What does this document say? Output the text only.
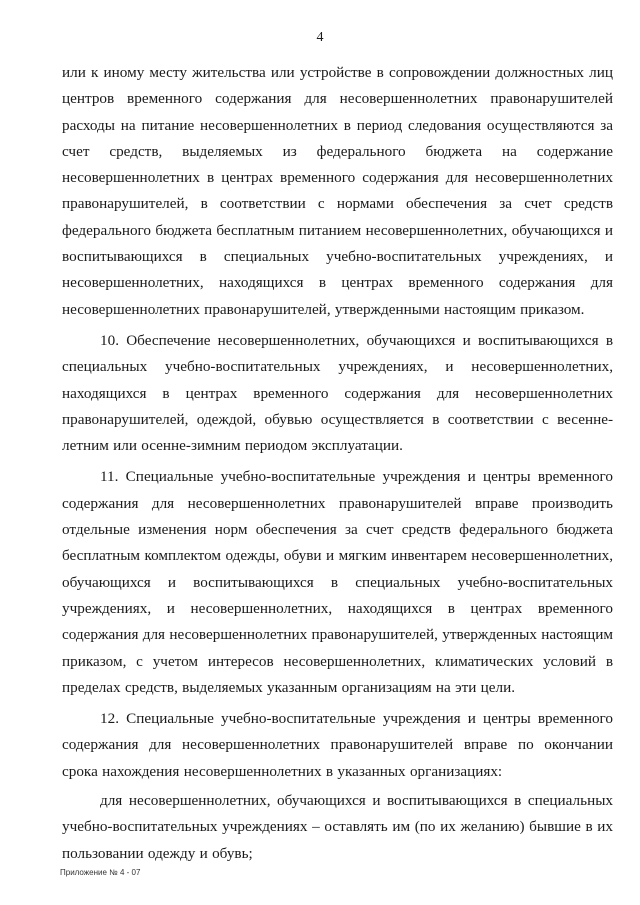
4

или к иному месту жительства или устройстве в сопровождении должностных лиц центров временного содержания для несовершеннолетних правонарушителей расходы на питание несовершеннолетних в период следования осуществляются за счет средств, выделяемых из федерального бюджета на содержание несовершеннолетних в центрах временного содержания для несовершеннолетних правонарушителей, в соответствии с нормами обеспечения за счет средств федерального бюджета бесплатным питанием несовершеннолетних, обучающихся и воспитывающихся в специальных учебно-воспитательных учреждениях, и несовершеннолетних, находящихся в центрах временного содержания для несовершеннолетних правонарушителей, утвержденными настоящим приказом.

10. Обеспечение несовершеннолетних, обучающихся и воспитывающихся в специальных учебно-воспитательных учреждениях, и несовершеннолетних, находящихся в центрах временного содержания для несовершеннолетних правонарушителей, одеждой, обувью осуществляется в соответствии с весенне-летним или осенне-зимним периодом эксплуатации.

11. Специальные учебно-воспитательные учреждения и центры временного содержания для несовершеннолетних правонарушителей вправе производить отдельные изменения норм обеспечения за счет средств федерального бюджета бесплатным комплектом одежды, обуви и мягким инвентарем несовершеннолетних, обучающихся и воспитывающихся в специальных учебно-воспитательных учреждениях, и несовершеннолетних, находящихся в центрах временного содержания для несовершеннолетних правонарушителей, утвержденных настоящим приказом, с учетом интересов несовершеннолетних, климатических условий в пределах средств, выделяемых указанным организациям на эти цели.

12. Специальные учебно-воспитательные учреждения и центры временного содержания для несовершеннолетних правонарушителей вправе по окончании срока нахождения несовершеннолетних в указанных организациях:

для несовершеннолетних, обучающихся и воспитывающихся в специальных учебно-воспитательных учреждениях – оставлять им (по их желанию) бывшие в их пользовании одежду и обувь;

Приложение № 4 - 07
